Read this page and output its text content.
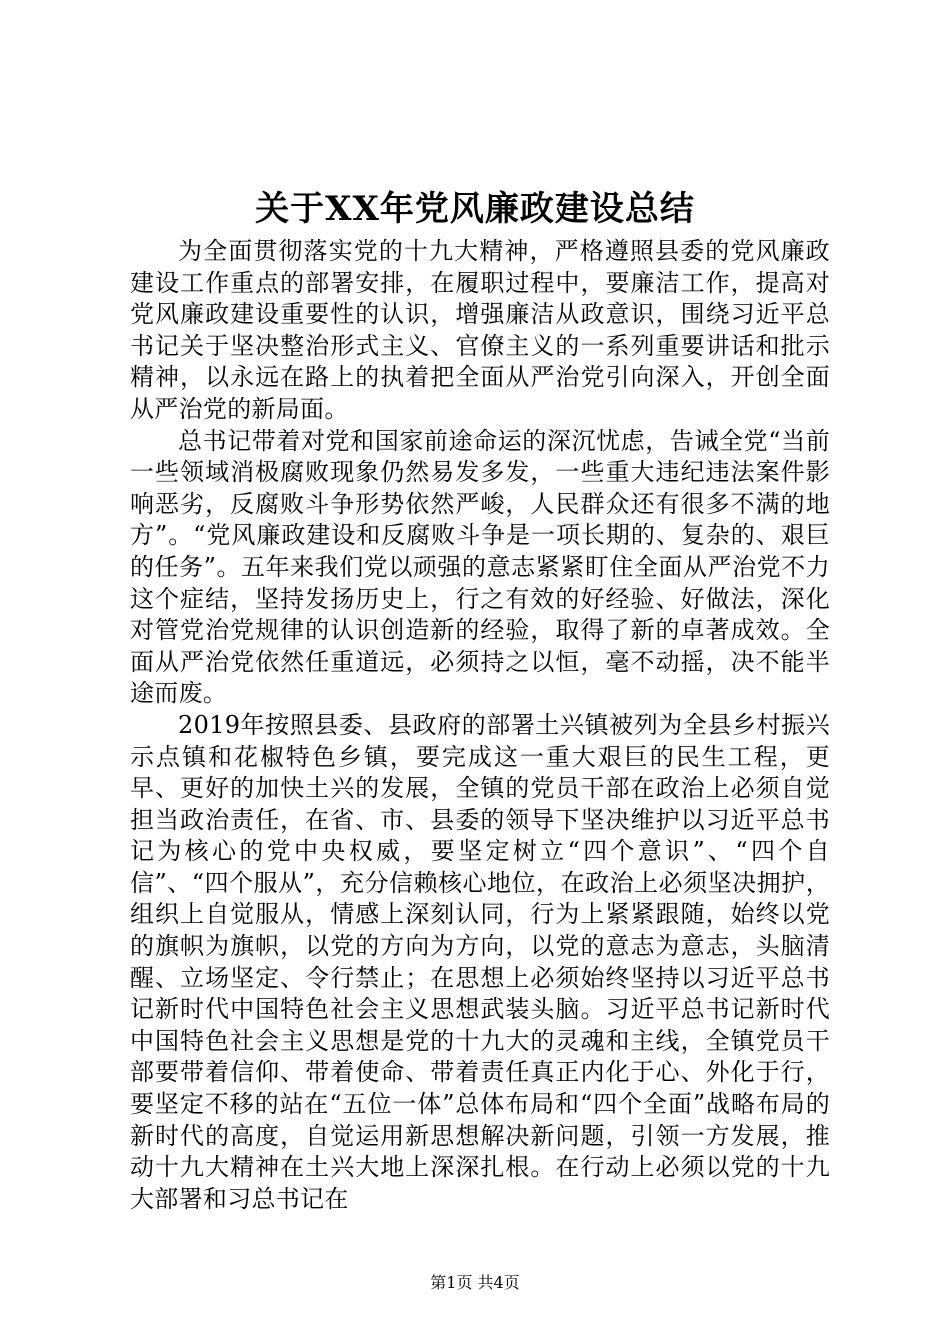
关于XX年党风廉政建设总结

为全面贯彻落实党的十九大精神，严格遵照县委的党风廉政建设工作重点的部署安排，在履职过程中，要廉洁工作，提高对党风廉政建设重要性的认识，增强廉洁从政意识，围绕习近平总书记关于坚决整治形式主义、官僚主义的一系列重要讲话和批示精神，以永远在路上的执着把全面从严治党引向深入，开创全面从严治党的新局面。

总书记带着对党和国家前途命运的深沉忧虑，告诫全党“当前一些领域消极腐败现象仍然易发多发，一些重大违纪违法案件影响恶劣，反腐败斗争形势依然严峻，人民群众还有很多不满的地方”。“党风廉政建设和反腐败斗争是一项长期的、复杂的、艰巨的任务”。五年来我们党以顽强的意志紧紧盯住全面从严治党不力这个症结，坚持发扬历史上，行之有效的好经验、好做法，深化对管党治党规律的认识创造新的经验，取得了新的卓著成效。全面从严治党依然任重道远，必须持之以恒，毫不动摇，决不能半途而废。

2019年按照县委、县政府的部署土兴镇被列为全县乡村振兴示点镇和花椒特色乡镇，要完成这一重大艰巨的民生工程，更早、更好的加快土兴的发展，全镇的党员干部在政治上必须自觉担当政治责任，在省、市、县委的领导下坚决维护以习近平总书记为核心的党中央权威，要坚定树立“四个意识”、“四个自信”、“四个服从”，充分信赖核心地位，在政治上必须坚决拥护，组织上自觉服从，情感上深刻认同，行为上紧紧跟随，始终以党的旗帜为旗帜，以党的方向为方向，以党的意志为意志，头脑清醒、立场坚定、令行禁止；在思想上必须始终坚持以习近平总书记新时代中国特色社会主义思想武装头脑。习近平总书记新时代中国特色社会主义思想是党的十九大的灵魂和主线，全镇党员干部要带着信仰、带着使命、带着责任真正内化于心、外化于行，要坚定不移的站在“五位一体”总体布局和“四个全面”战略布局的新时代的高度，自觉运用新思想解决新问题，引领一方发展，推动十九大精神在土兴大地上深深扎根。在行动上必须以党的十九大部署和习总书记在

第1页 共4页
